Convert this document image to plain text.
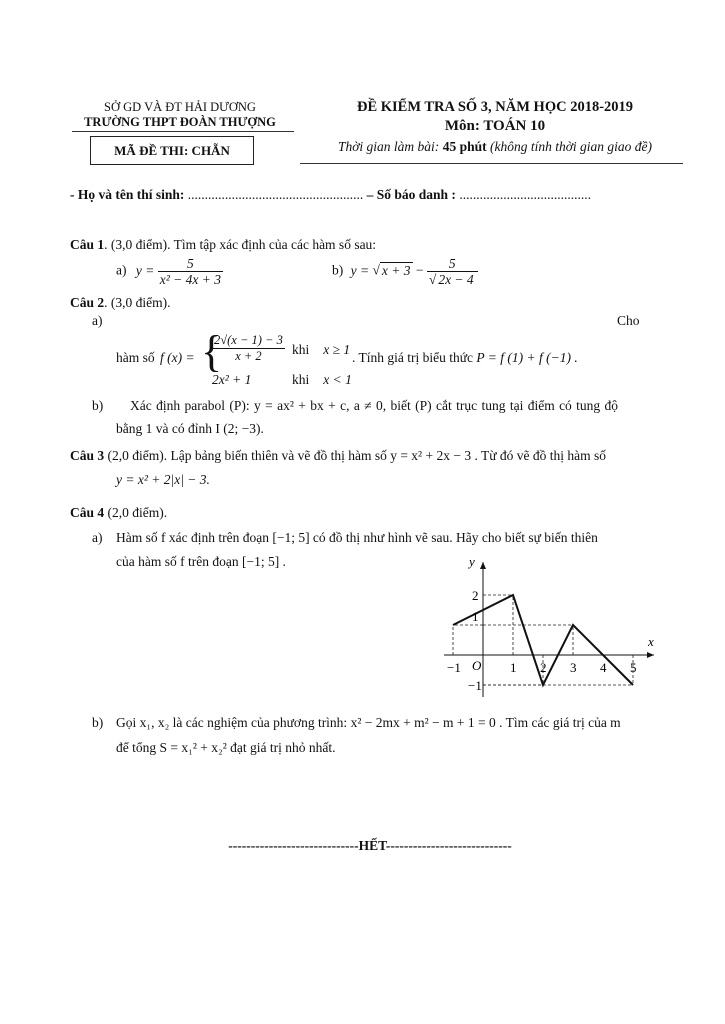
SỞ GD VÀ ĐT HẢI DƯƠNG
TRƯỜNG THPT ĐOÀN THƯỢNG
MÃ ĐỀ THI: CHẴN
ĐỀ KIỂM TRA SỐ 3, NĂM HỌC 2018-2019
Môn: TOÁN 10
Thời gian làm bài: 45 phút (không tính thời gian giao đề)
- Họ và tên thí sinh: .................................................... – Số báo danh : .......................................
Câu 1. (3,0 điểm). Tìm tập xác định của các hàm số sau:
a) $y = \frac{5}{\text{x² − 4x + 3}}$	b) y = √ $x + 3 - \frac{5}{√ 2x - 4}$
Câu 2. (3,0 điểm).
a)	Cho
hàm số f (x) = {
$\frac{2√(x - 1) - 3}{x + 2}$ khi x ≥ 1
2x² + 1	khi x < 1
. Tính giá trị biểu thức P = f (1) + f (−1) .
b) Xác định parabol (P): y = ax² + bx + c, a ≠ 0, biết (P) cắt trục tung tại điểm có tung độ
bằng 1 và có đỉnh I (2; −3).
Câu 3 (2,0 điểm). Lập bảng biến thiên và vẽ đồ thị hàm số y = x² + 2x − 3 . Từ đó vẽ đồ thị hàm số
y = x² + 2|x| − 3.
Câu 4 (2,0 điểm).
a) Hàm số f xác định trên đoạn [−1; 5] có đồ thị như hình vẽ sau. Hãy cho biết sự biến thiên
của hàm số f trên đoạn [−1; 5] .
−1	1 2 3 4 5
2
1
−1
O
x
y
b) Gọi x₁, x₂ là các nghiệm của phương trình: x² − 2mx + m² − m + 1 = 0 . Tìm các giá trị của m
để tổng S = x₁² + x₂² đạt giá trị nhỏ nhất.
-----------------------------HẾT----------------------------
